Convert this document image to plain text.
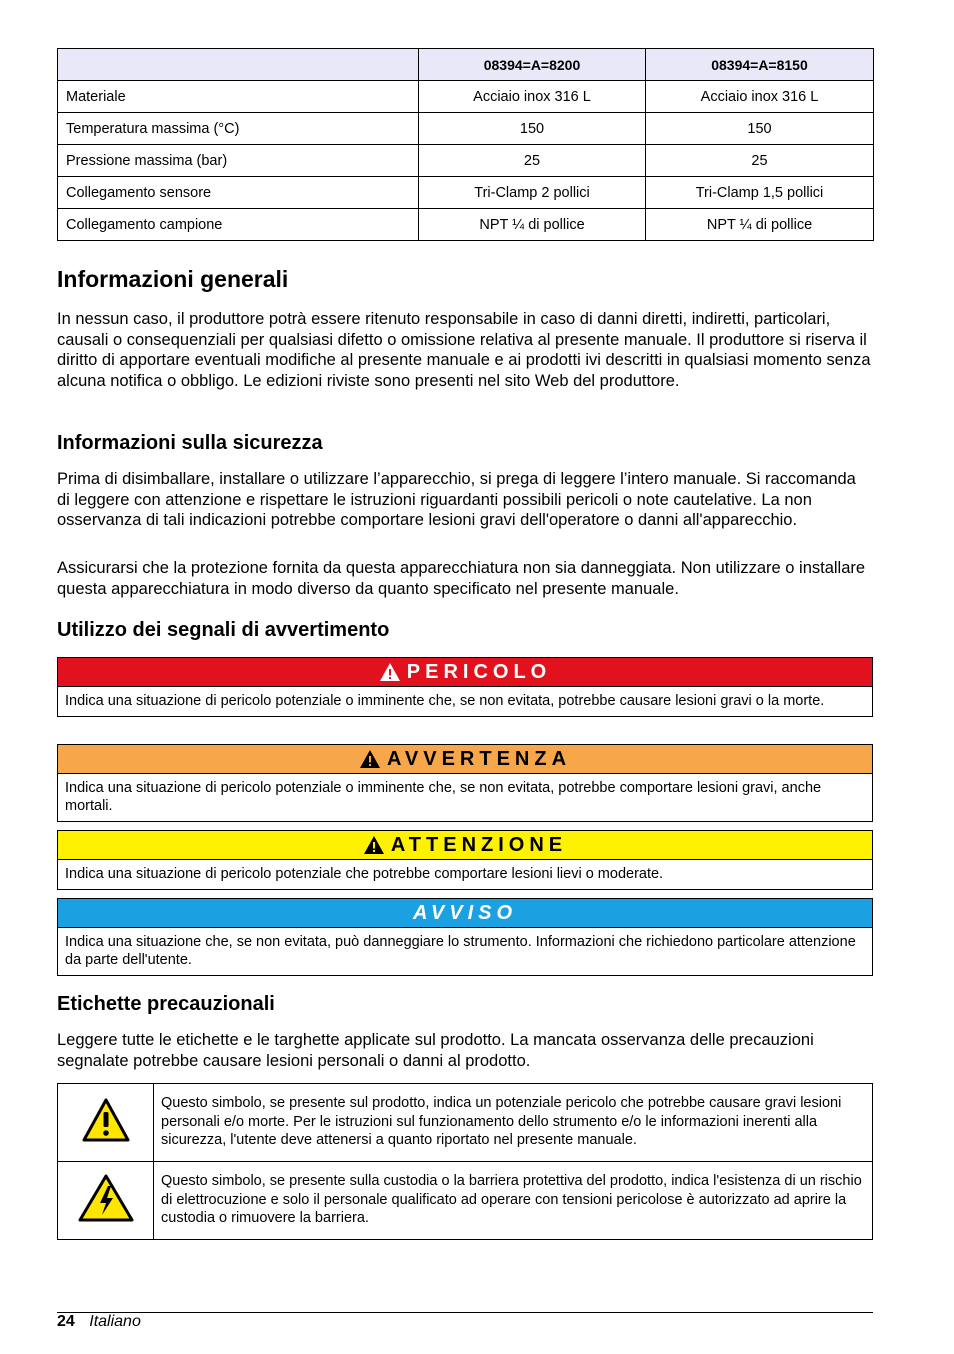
	08394=A=8200	08394=A=8150
Materiale	Acciaio inox 316 L	Acciaio inox 316 L
Temperatura massima (°C)	150	150
Pressione massima (bar)	25	25
Collegamento sensore	Tri-Clamp 2 pollici	Tri-Clamp 1,5 pollici
Collegamento campione	NPT ¼ di pollice	NPT ¼ di pollice
Informazioni generali

In nessun caso, il produttore potrà essere ritenuto responsabile in caso di danni diretti, indiretti, particolari, causali o consequenziali per qualsiasi difetto o omissione relativa al presente manuale. Il produttore si riserva il diritto di apportare eventuali modifiche al presente manuale e ai prodotti ivi descritti in qualsiasi momento senza alcuna notifica o obbligo. Le edizioni riviste sono presenti nel sito Web del produttore.

Informazioni sulla sicurezza

Prima di disimballare, installare o utilizzare l’apparecchio, si prega di leggere l’intero manuale. Si raccomanda di leggere con attenzione e rispettare le istruzioni riguardanti possibili pericoli o note cautelative. La non osservanza di tali indicazioni potrebbe comportare lesioni gravi dell'operatore o danni all'apparecchio.

Assicurarsi che la protezione fornita da questa apparecchiatura non sia danneggiata. Non utilizzare o installare questa apparecchiatura in modo diverso da quanto specificato nel presente manuale.

Utilizzo dei segnali di avvertimento
PERICOLO
Indica una situazione di pericolo potenziale o imminente che, se non evitata, potrebbe causare lesioni gravi o la morte.
AVVERTENZA
Indica una situazione di pericolo potenziale o imminente che, se non evitata, potrebbe comportare lesioni gravi, anche mortali.
ATTENZIONE
Indica una situazione di pericolo potenziale che potrebbe comportare lesioni lievi o moderate.
AVVISO
Indica una situazione che, se non evitata, può danneggiare lo strumento. Informazioni che richiedono particolare attenzione da parte dell'utente.
Etichette precauzionali

Leggere tutte le etichette e le targhette applicate sul prodotto. La mancata osservanza delle precauzioni segnalate potrebbe causare lesioni personali o danni al prodotto.

	Questo simbolo, se presente sul prodotto, indica un potenziale pericolo che potrebbe causare gravi lesioni personali e/o morte. Per le istruzioni sul funzionamento dello strumento e/o le informazioni inerenti alla sicurezza, l'utente deve attenersi a quanto riportato nel presente manuale.
	Questo simbolo, se presente sulla custodia o la barriera protettiva del prodotto, indica l'esistenza di un rischio di elettrocuzione e solo il personale qualificato ad operare con tensioni pericolose è autorizzato ad aprire la custodia o rimuovere la barriera.
24 Italiano
